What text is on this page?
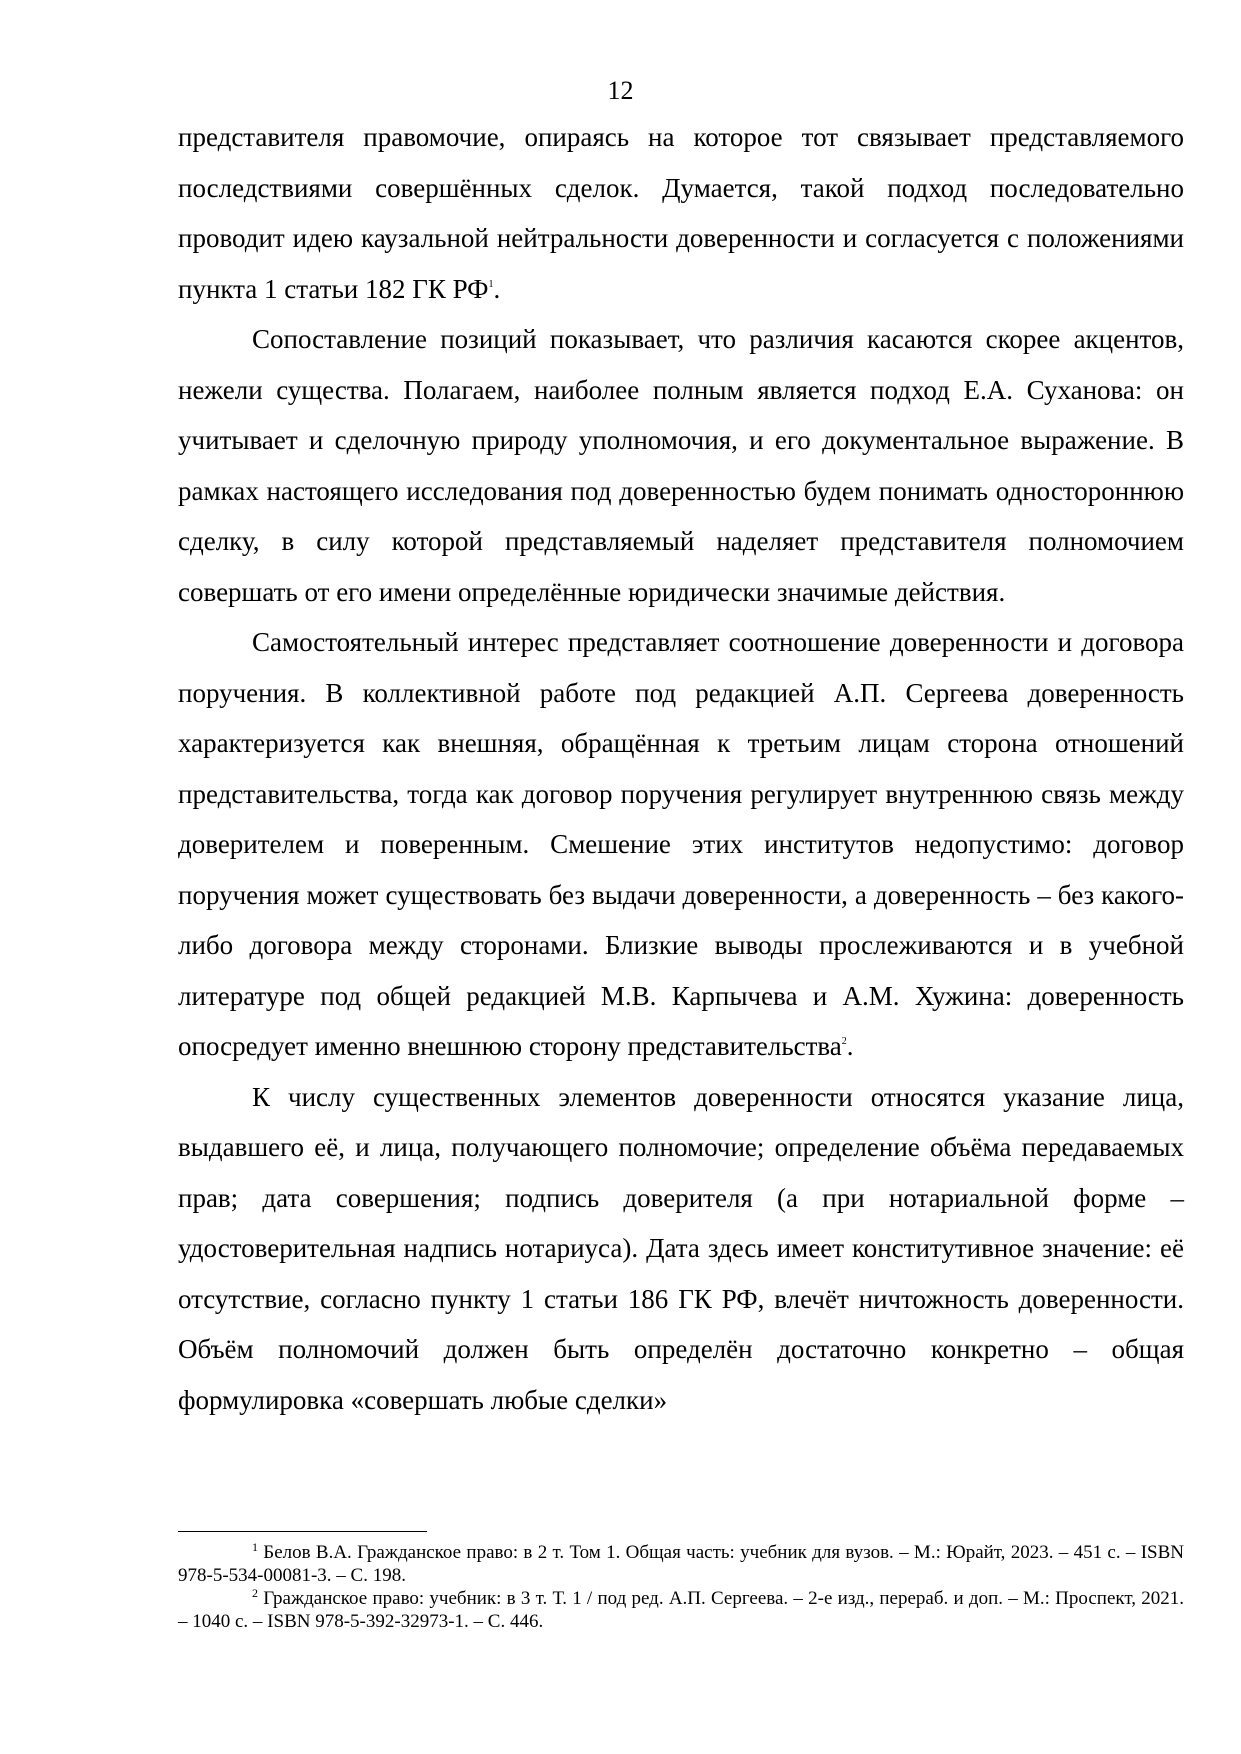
12

представителя правомочие, опираясь на которое тот связывает представляемого последствиями совершённых сделок. Думается, такой подход последовательно проводит идею каузальной нейтральности доверенности и согласуется с положениями пункта 1 статьи 182 ГК РФ$^1$.

Сопоставление позиций показывает, что различия касаются скорее акцентов, нежели существа. Полагаем, наиболее полным является подход Е.А. Суханова: он учитывает и сделочную природу уполномочия, и его документальное выражение. В рамках настоящего исследования под доверенностью будем понимать одностороннюю сделку, в силу которой представляемый наделяет представителя полномочием совершать от его имени определённые юридически значимые действия.

Самостоятельный интерес представляет соотношение доверенности и договора поручения. В коллективной работе под редакцией А.П. Сергеева доверенность характеризуется как внешняя, обращённая к третьим лицам сторона отношений представительства, тогда как договор поручения регулирует внутреннюю связь между доверителем и поверенным. Смешение этих институтов недопустимо: договор поручения может существовать без выдачи доверенности, а доверенность – без какого-либо договора между сторонами. Близкие выводы прослеживаются и в учебной литературе под общей редакцией М.В. Карпычева и А.М. Хужина: доверенность опосредует именно внешнюю сторону представительства$^2$.

К числу существенных элементов доверенности относятся указание лица, выдавшего её, и лица, получающего полномочие; определение объёма передаваемых прав; дата совершения; подпись доверителя (а при нотариальной форме – удостоверительная надпись нотариуса). Дата здесь имеет конститутивное значение: её отсутствие, согласно пункту 1 статьи 186 ГК РФ, влечёт ничтожность доверенности. Объём полномочий должен быть определён достаточно конкретно – общая формулировка «совершать любые сделки»

$^1$ Белов В.А. Гражданское право: в 2 т. Том 1. Общая часть: учебник для вузов. – М.: Юрайт, 2023. – 451 с. – ISBN 978-5-534-00081-3. – С. 198.

$^2$ Гражданское право: учебник: в 3 т. Т. 1 / под ред. А.П. Сергеева. – 2-е изд., перераб. и доп. – М.: Проспект, 2021. – 1040 с. – ISBN 978-5-392-32973-1. – С. 446.
